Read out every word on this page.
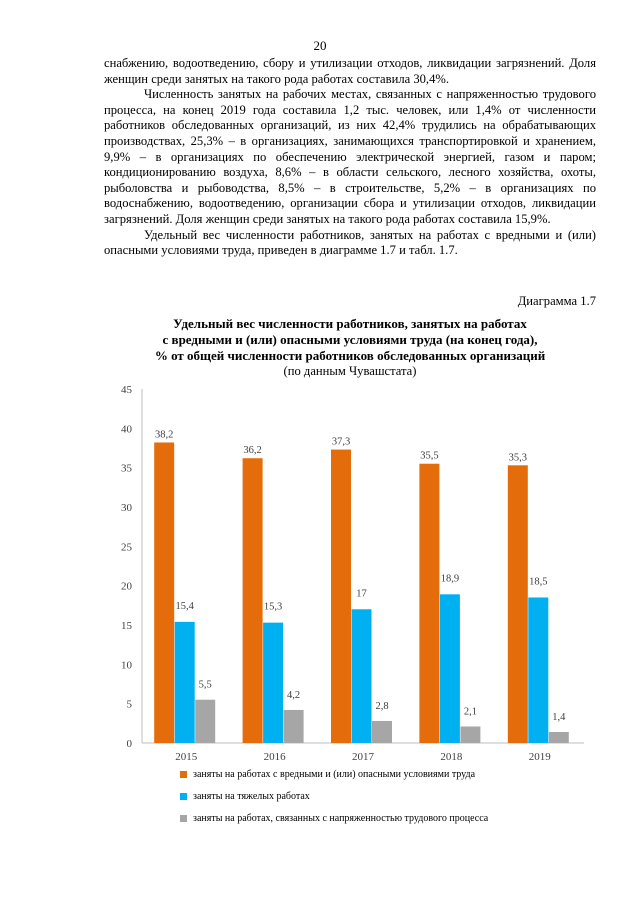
20

снабжению, водоотведению, сбору и утилизации отходов, ликвидации загрязнений. Доля женщин среди занятых на такого рода работах составила 30,4%.

Численность занятых на рабочих местах, связанных с напряженностью трудового процесса, на конец 2019 года составила 1,2 тыс. человек, или 1,4% от численности работников обследованных организаций, из них 42,4% трудились на обрабатывающих производствах, 25,3% – в организациях, занимающихся транспортировкой и хранением, 9,9% – в организациях по обеспечению электрической энергией, газом и паром; кондиционированию воздуха, 8,6% – в области сельского, лесного хозяйства, охоты, рыболовства и рыбоводства, 8,5% – в строительстве, 5,2% – в организациях по водоснабжению, водоотведению, организации сбора и утилизации отходов, ликвидации загрязнений. Доля женщин среди занятых на такого рода работах составила 15,9%.

Удельный вес численности работников, занятых на работах с вредными и (или) опасными условиями труда, приведен в диаграмме 1.7 и табл. 1.7.

Диаграмма 1.7
Удельный вес численности работников, занятых на работах
с вредными и (или) опасными условиями труда (на конец года),
% от общей численности работников обследованных организаций
(по данным Чувашстата)
0
5
10
15
20
25
30
35
40
45
2015
38,2
15,4
5,5
2016
36,2
15,3
4,2
2017
37,3
17
2,8
2018
35,5
18,9
2,1
2019
35,3
18,5
1,4
заняты на работах с вредными и (или) опасными условиями труда
заняты на тяжелых работах
заняты на работах, связанных с напряженностью трудового процесса
